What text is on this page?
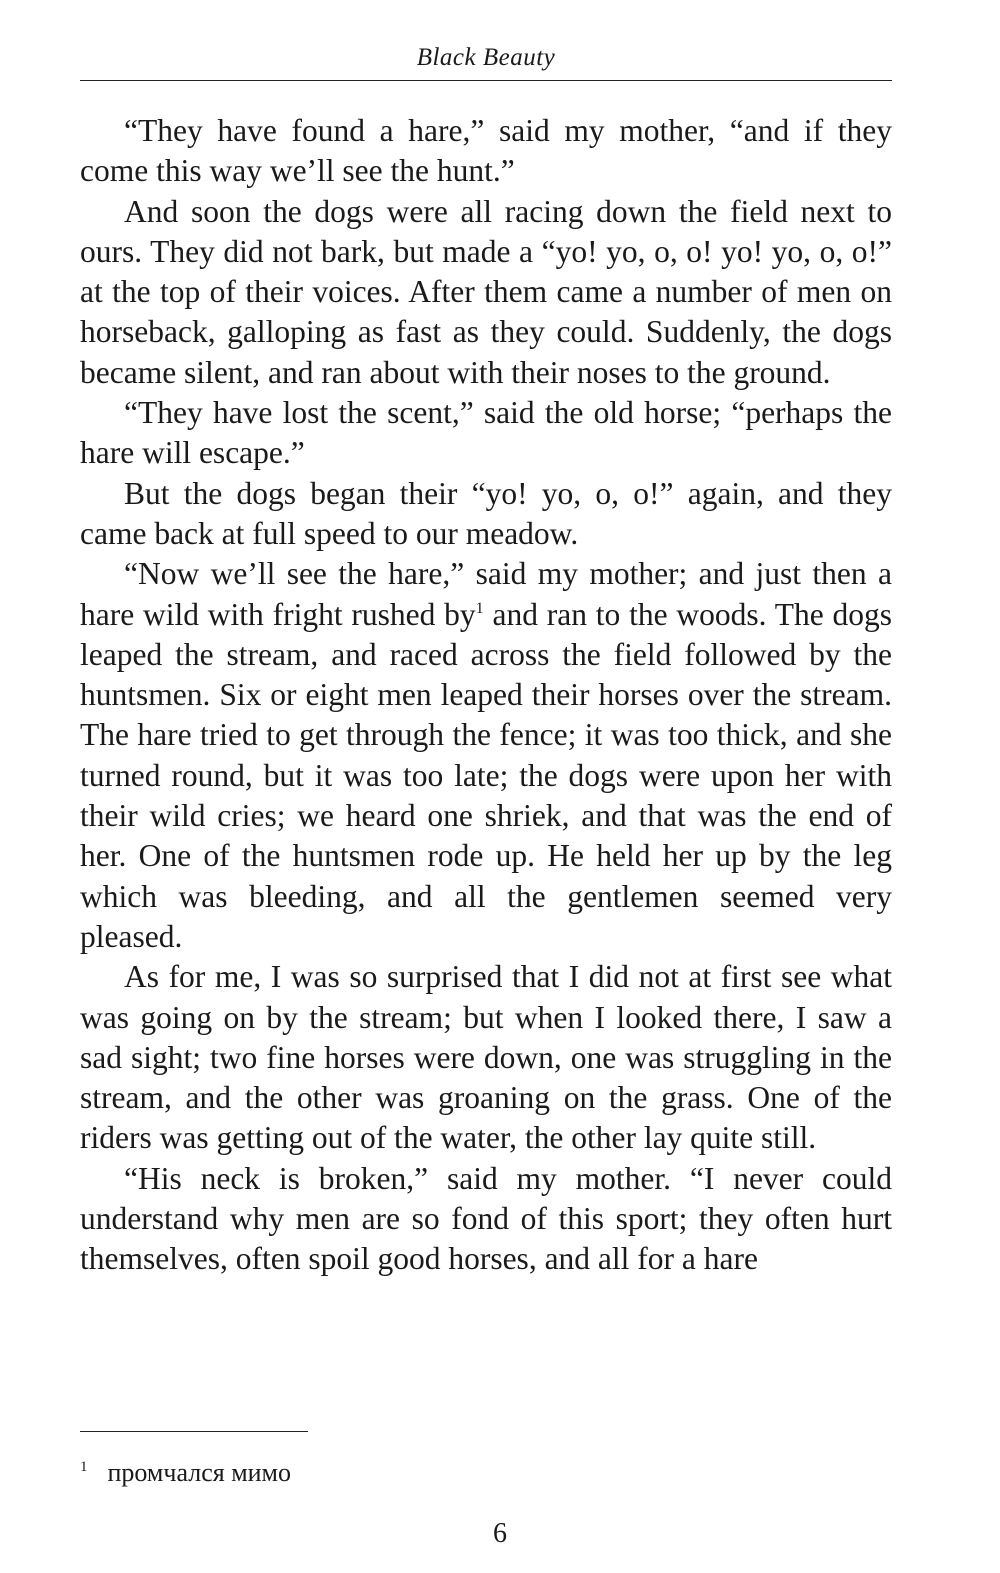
Black Beauty

“They have found a hare,” said my mother, “and if they come this way we’ll see the hunt.”

And soon the dogs were all racing down the field next to ours. They did not bark, but made a “yo! yo, o, o! yo! yo, o, o!” at the top of their voices. After them came a number of men on horseback, galloping as fast as they could. Suddenly, the dogs became silent, and ran about with their noses to the ground.

“They have lost the scent,” said the old horse; “perhaps the hare will escape.”

But the dogs began their “yo! yo, o, o!” again, and they came back at full speed to our meadow.

“Now we’ll see the hare,” said my mother; and just then a hare wild with fright rushed by$^1$ and ran to the woods. The dogs leaped the stream, and raced across the field followed by the huntsmen. Six or eight men leaped their horses over the stream. The hare tried to get through the fence; it was too thick, and she turned round, but it was too late; the dogs were upon her with their wild cries; we heard one shriek, and that was the end of her. One of the huntsmen rode up. He held her up by the leg which was bleeding, and all the gentlemen seemed very pleased.

As for me, I was so surprised that I did not at first see what was going on by the stream; but when I looked there, I saw a sad sight; two fine horses were down, one was struggling in the stream, and the other was groaning on the grass. One of the riders was getting out of the water, the other lay quite still.

“His neck is broken,” said my mother. “I never could understand why men are so fond of this sport; they often hurt themselves, often spoil good horses, and all for a hare

$^1$ промчался мимо
6
